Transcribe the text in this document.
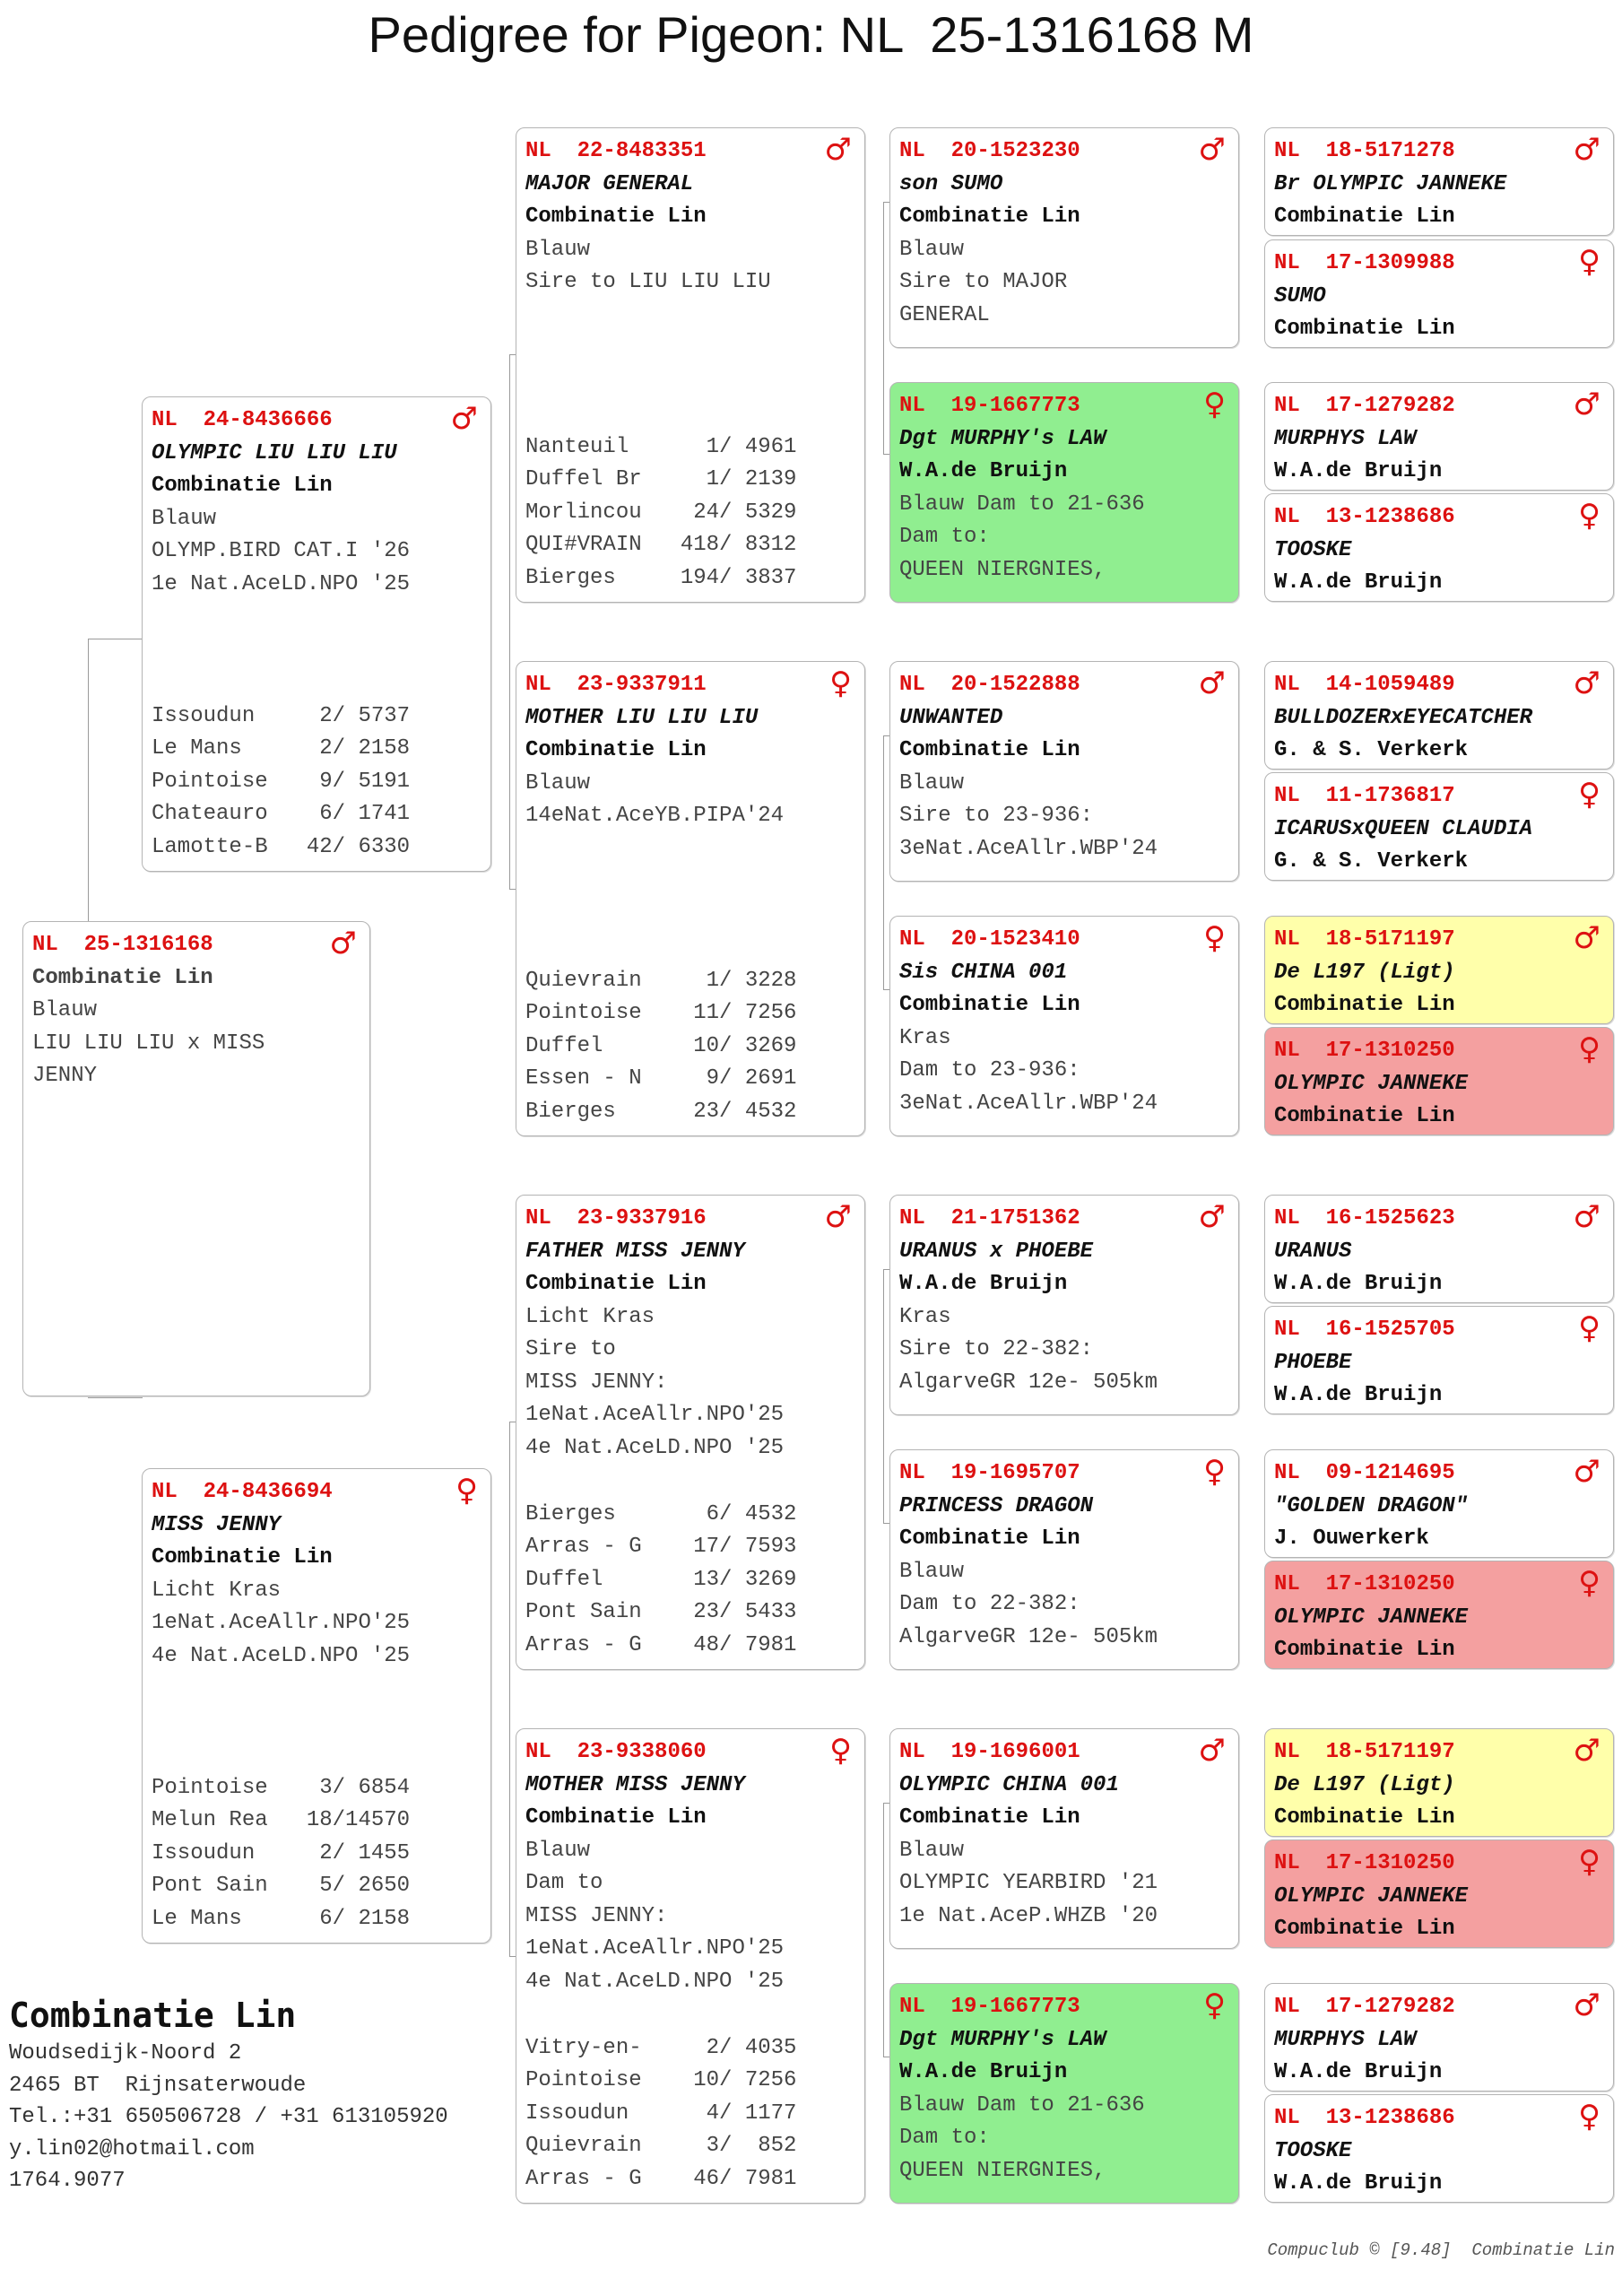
Pedigree for Pigeon: NL  25-1316168 M
NL 25-1316168	♂
Combinatie Lin
Blauw
LIU LIU LIU x MISS
JENNY
NL 24-8436666	♂
OLYMPIC LIU LIU LIU
Combinatie Lin
Blauw
OLYMP.BIRD CAT.I '26
1e Nat.AceLD.NPO '25
Issoudun     2/ 5737
Le Mans      2/ 2158
Pointoise    9/ 5191
Chateauro    6/ 1741
Lamotte-B   42/ 6330
NL 24-8436694	♀
MISS JENNY
Combinatie Lin
Licht Kras
1eNat.AceAllr.NPO'25
4e Nat.AceLD.NPO '25
Pointoise    3/ 6854
Melun Rea   18/14570
Issoudun     2/ 1455
Pont Sain    5/ 2650
Le Mans      6/ 2158
NL 22-8483351	♂
MAJOR GENERAL
Combinatie Lin
Blauw
Sire to LIU LIU LIU
Nanteuil      1/ 4961
Duffel Br     1/ 2139
Morlincou    24/ 5329
QUI#VRAIN   418/ 8312
Bierges     194/ 3837
NL 23-9337911	♀
MOTHER LIU LIU LIU
Combinatie Lin
Blauw
14eNat.AceYB.PIPA'24
Quievrain     1/ 3228
Pointoise    11/ 7256
Duffel       10/ 3269
Essen - N     9/ 2691
Bierges      23/ 4532
NL 23-9337916	♂
FATHER MISS JENNY
Combinatie Lin
Licht Kras
Sire to
MISS JENNY:
1eNat.AceAllr.NPO'25
4e Nat.AceLD.NPO '25
Bierges       6/ 4532
Arras - G    17/ 7593
Duffel       13/ 3269
Pont Sain    23/ 5433
Arras - G    48/ 7981
NL 23-9338060	♀
MOTHER MISS JENNY
Combinatie Lin
Blauw
Dam to
MISS JENNY:
1eNat.AceAllr.NPO'25
4e Nat.AceLD.NPO '25
Vitry-en-     2/ 4035
Pointoise    10/ 7256
Issoudun      4/ 1177
Quievrain     3/  852
Arras - G    46/ 7981
NL 20-1523230	♂
son SUMO
Combinatie Lin
Blauw
Sire to MAJOR
GENERAL
NL 19-1667773	♀
Dgt MURPHY's LAW
W.A.de Bruijn
Blauw Dam to 21-636
Dam to:
QUEEN NIERGNIES,
NL 20-1522888	♂
UNWANTED
Combinatie Lin
Blauw
Sire to 23-936:
3eNat.AceAllr.WBP'24
NL 20-1523410	♀
Sis CHINA 001
Combinatie Lin
Kras
Dam to 23-936:
3eNat.AceAllr.WBP'24
NL 21-1751362	♂
URANUS x PHOEBE
W.A.de Bruijn
Kras
Sire to 22-382:
AlgarveGR 12e- 505km
NL 19-1695707	♀
PRINCESS DRAGON
Combinatie Lin
Blauw
Dam to 22-382:
AlgarveGR 12e- 505km
NL 19-1696001	♂
OLYMPIC CHINA 001
Combinatie Lin
Blauw
OLYMPIC YEARBIRD '21
1e Nat.AceP.WHZB '20
NL 19-1667773	♀
Dgt MURPHY's LAW
W.A.de Bruijn
Blauw Dam to 21-636
Dam to:
QUEEN NIERGNIES,
NL 18-5171278	♂
Br OLYMPIC JANNEKE
Combinatie Lin
NL 17-1309988	♀
SUMO
Combinatie Lin
NL 17-1279282	♂
MURPHYS LAW
W.A.de Bruijn
NL 13-1238686	♀
TOOSKE
W.A.de Bruijn
NL 14-1059489	♂
BULLDOZERxEYECATCHER
G. & S. Verkerk
NL 11-1736817	♀
ICARUSxQUEEN CLAUDIA
G. & S. Verkerk
NL 18-5171197	♂
De L197 (Ligt)
Combinatie Lin
NL 17-1310250	♀
OLYMPIC JANNEKE
Combinatie Lin
NL 16-1525623	♂
URANUS
W.A.de Bruijn
NL 16-1525705	♀
PHOEBE
W.A.de Bruijn
NL 09-1214695	♂
"GOLDEN DRAGON"
J. Ouwerkerk
NL 17-1310250	♀
OLYMPIC JANNEKE
Combinatie Lin
NL 18-5171197	♂
De L197 (Ligt)
Combinatie Lin
NL 17-1310250	♀
OLYMPIC JANNEKE
Combinatie Lin
NL 17-1279282	♂
MURPHYS LAW
W.A.de Bruijn
NL 13-1238686	♀
TOOSKE
W.A.de Bruijn
Combinatie Lin
Woudsedijk-Noord 2
2465 BT  Rijnsaterwoude
Tel.:+31 650506728 / +31 613105920
y.lin02@hotmail.com
1764.9077
Compuclub © [9.48]  Combinatie Lin
